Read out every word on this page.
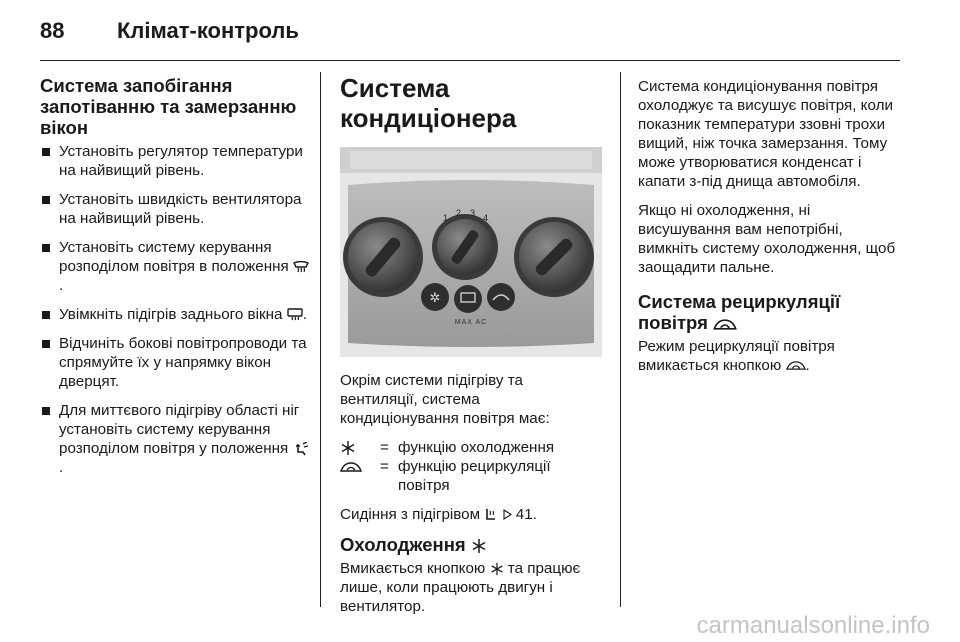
88 Клімат-контроль
Система запобігання запотіванню та замерзанню вікон
Установіть регулятор температури на найвищий рівень.
Установіть швидкість вентилятора на найвищий рівень.
Установіть систему керування розподілом повітря в положення .
Увімкніть підігрів заднього вікна .
Відчиніть бокові повітропроводи та спрямуйте їх у напрямку вікон дверцят.
Для миттєвого підігріву області ніг установіть систему керування розподілом повітря у положення .
Система кондиціонера
1 2 3 4
✲
MAX AC

Окрім системи підігріву та вентиляції, система кондиціонування повітря має:

= функцію охолодження
= функцію рециркуляції повітря

Сидіння з підігрівом 41.

Охолодження

Вмикається кнопкою та працює лише, коли працюють двигун і вентилятор.

Система кондиціонування повітря охолоджує та висушує повітря, коли показник температури ззовні трохи вищий, ніж точка замерзання. Тому може утворюватися конденсат і капати з-під днища автомобіля.

Якщо ні охолодження, ні висушування вам непотрібні, вимкніть систему охолодження, щоб заощадити пальне.

Система рециркуляції повітря

Режим рециркуляції повітря вмикається кнопкою .

carmanualsonline.info
